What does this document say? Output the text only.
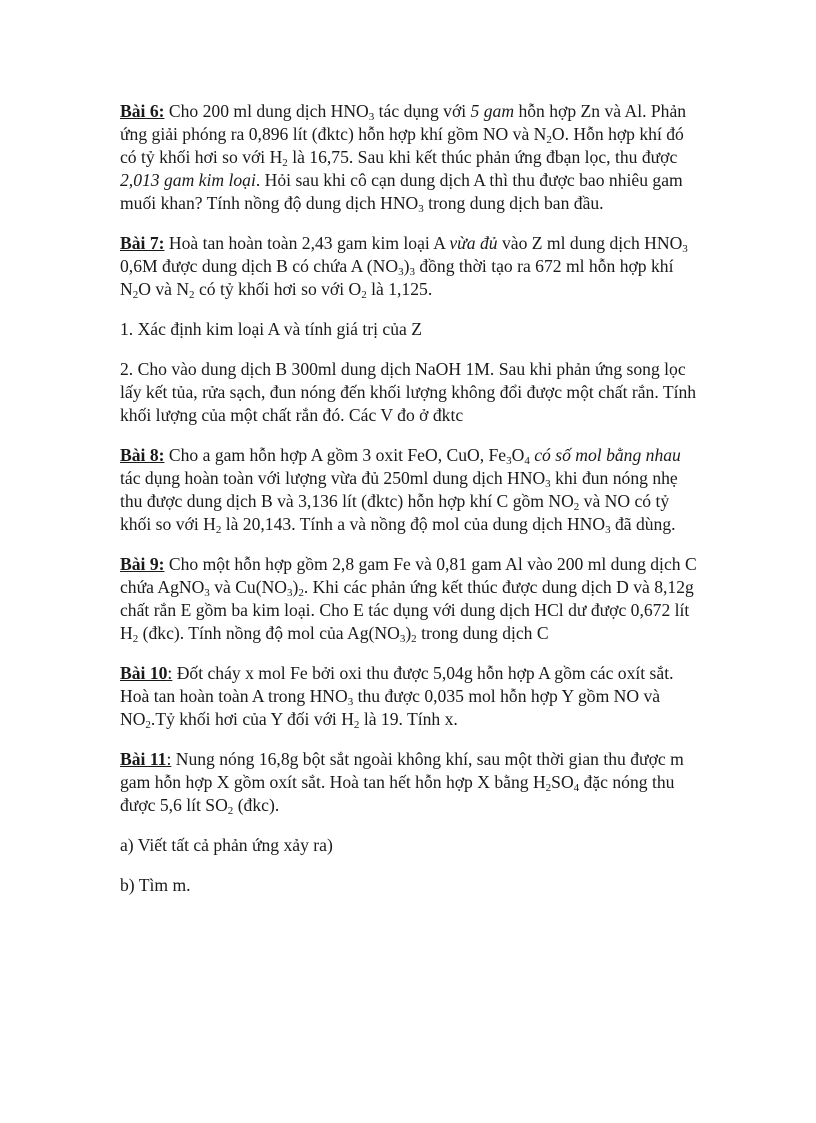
Bài 6: Cho 200 ml dung dịch $HNO_3$ tác dụng với 5 gam hỗn hợp Zn và Al. Phản ứng giải phóng ra 0,896 lít (đktc) hỗn hợp khí gồm NO và $N_2O$. Hỗn hợp khí đó có tỷ khối hơi so với $H_2$ là 16,75. Sau khi kết thúc phản ứng đbạn lọc, thu được 2,013 gam kim loại. Hỏi sau khi cô cạn dung dịch A thì thu được bao nhiêu gam muối khan? Tính nồng độ dung dịch $HNO_3$ trong dung dịch ban đầu.

Bài 7: Hoà tan hoàn toàn 2,43 gam kim loại A vừa đủ vào Z ml dung dịch $HNO_3$ 0,6M được dung dịch B có chứa A $(NO_3)_3$ đồng thời tạo ra 672 ml hỗn hợp khí $N_2O$ và $N_2$ có tỷ khối hơi so với $O_2$ là 1,125.

1. Xác định kim loại A và tính giá trị của Z

2. Cho vào dung dịch B 300ml dung dịch NaOH 1M. Sau khi phản ứng song lọc lấy kết tủa, rửa sạch, đun nóng đến khối lượng không đổi được một chất rắn. Tính khối lượng của một chất rắn đó. Các V đo ở đktc

Bài 8: Cho a gam hỗn hợp A gồm 3 oxit FeO, CuO, $Fe_3O_4$ có số mol bằng nhau tác dụng hoàn toàn với lượng vừa đủ 250ml dung dịch $HNO_3$ khi đun nóng nhẹ thu được dung dịch B và 3,136 lít (đktc) hỗn hợp khí C gồm $NO_2$ và NO có tỷ khối so với $H_2$ là 20,143. Tính a và nồng độ mol của dung dịch $HNO_3$ đã dùng.

Bài 9: Cho một hỗn hợp gồm 2,8 gam Fe và 0,81 gam Al vào 200 ml dung dịch C chứa AgNO$_3$ và $Cu(NO_3)_2$. Khi các phản ứng kết thúc được dung dịch D và 8,12g chất rắn E gồm ba kim loại. Cho E tác dụng với dung dịch HCl dư được 0,672 lít $H_2$ (đkc). Tính nồng độ mol của $Ag(NO_3)_2$ trong dung dịch C

Bài 10: Đốt cháy x mol Fe bởi oxi thu được 5,04g hỗn hợp A gồm các oxít sắt. Hoà tan hoàn toàn A trong $HNO_3$ thu được 0,035 mol hỗn hợp Y gồm NO và $NO_2.Tỷ$ khối hơi của Y đối với $H_2$ là 19. Tính x.

Bài 11: Nung nóng 16,8g bột sắt ngoài không khí, sau một thời gian thu được m gam hỗn hợp X gồm oxít sắt. Hoà tan hết hỗn hợp X bằng $H_2SO_4$ đặc nóng thu được 5,6 lít $SO_2$ (đkc).

a) Viết tất cả phản ứng xảy ra)

b) Tìm m.
